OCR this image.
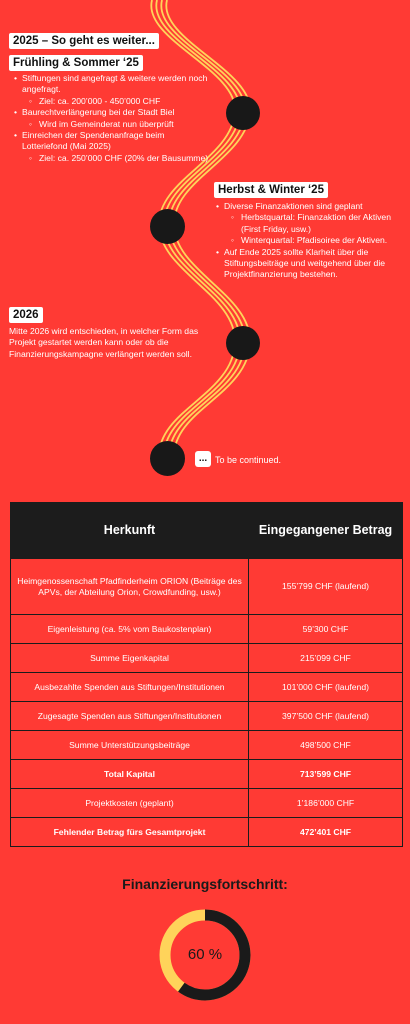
2025 – So geht es weiter...
Frühling & Sommer ‘25
• Stiftungen sind angefragt & weitere werden noch angefragt.
◦ Ziel: ca. 200’000 - 450’000 CHF
• Baurechtverlängerung bei der Stadt Biel
◦ Wird im Gemeinderat nun überprüft
• Einreichen der Spendenanfrage beim Lotteriefond (Mai 2025)
◦ Ziel: ca. 250’000 CHF (20% der Bausumme)
Herbst & Winter ‘25
• Diverse Finanzaktionen sind geplant
◦ Herbstquartal: Finanzaktion der Aktiven (First Friday, usw.)
◦ Winterquartal: Pfadisoiree der Aktiven.
• Auf Ende 2025 sollte Klarheit über die Stiftungsbeiträge und weitgehend über die Projektfinanzierung bestehen.
2026

Mitte 2026 wird entschieden, in welcher Form das Projekt gestartet werden kann oder ob die Finanzierungskampagne verlängert werden soll.

... To be continued.
Herkunft	Eingegangener Betrag
Heimgenossenschaft Pfadfinderheim ORION (Beiträge des APVs, der Abteilung Orion, Crowdfunding, usw.)	155’799 CHF (laufend)
Eigenleistung (ca. 5% vom Baukostenplan)	59’300 CHF
Summe Eigenkapital	215’099 CHF
Ausbezahlte Spenden aus Stiftungen/Institutionen	101’000 CHF (laufend)
Zugesagte Spenden aus Stiftungen/Institutionen	397’500 CHF (laufend)
Summe Unterstützungsbeiträge	498’500 CHF
Total Kapital	713’599 CHF
Projektkosten (geplant)	1’186’000 CHF
Fehlender Betrag fürs Gesamtprojekt	472’401 CHF
Finanzierungsfortschritt:
60 %
